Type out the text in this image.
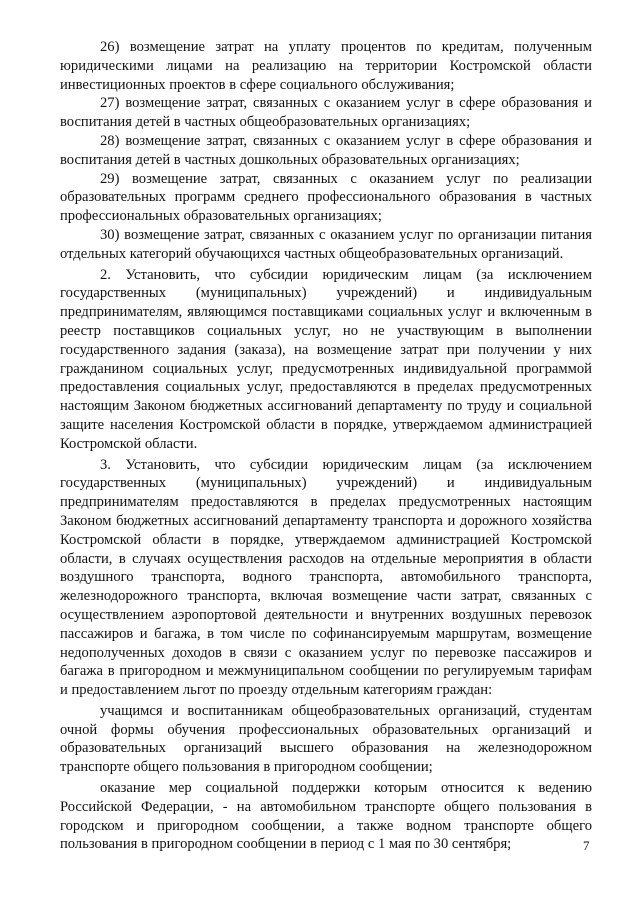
26) возмещение затрат на уплату процентов по кредитам, полученным юридическими лицами на реализацию на территории Костромской области инвестиционных проектов в сфере социального обслуживания;

27) возмещение затрат, связанных с оказанием услуг в сфере образования и воспитания детей в частных общеобразовательных организациях;

28) возмещение затрат, связанных с оказанием услуг в сфере образования и воспитания детей в частных дошкольных образовательных организациях;

29) возмещение затрат, связанных с оказанием услуг по реализации образовательных программ среднего профессионального образования в частных профессиональных образовательных организациях;

30) возмещение затрат, связанных с оказанием услуг по организации питания отдельных категорий обучающихся частных общеобразовательных организаций.

2. Установить, что субсидии юридическим лицам (за исключением государственных (муниципальных) учреждений) и индивидуальным предпринимателям, являющимся поставщиками социальных услуг и включенным в реестр поставщиков социальных услуг, но не участвующим в выполнении государственного задания (заказа), на возмещение затрат при получении у них гражданином социальных услуг, предусмотренных индивидуальной программой предоставления социальных услуг, предоставляются в пределах предусмотренных настоящим Законом бюджетных ассигнований департаменту по труду и социальной защите населения Костромской области в порядке, утверждаемом администрацией Костромской области.

3. Установить, что субсидии юридическим лицам (за исключением государственных (муниципальных) учреждений) и индивидуальным предпринимателям предоставляются в пределах предусмотренных настоящим Законом бюджетных ассигнований департаменту транспорта и дорожного хозяйства Костромской области в порядке, утверждаемом администрацией Костромской области, в случаях осуществления расходов на отдельные мероприятия в области воздушного транспорта, водного транспорта, автомобильного транспорта, железнодорожного транспорта, включая возмещение части затрат, связанных с осуществлением аэропортовой деятельности и внутренних воздушных перевозок пассажиров и багажа, в том числе по софинансируемым маршрутам, возмещение недополученных доходов в связи с оказанием услуг по перевозке пассажиров и багажа в пригородном и межмуниципальном сообщении по регулируемым тарифам и предоставлением льгот по проезду отдельным категориям граждан:

учащимся и воспитанникам общеобразовательных организаций, студентам очной формы обучения профессиональных образовательных организаций и образовательных организаций высшего образования на железнодорожном транспорте общего пользования в пригородном сообщении;

оказание мер социальной поддержки которым относится к ведению Российской Федерации, - на автомобильном транспорте общего пользования в городском и пригородном сообщении, а также водном транспорте общего пользования в пригородном сообщении в период с 1 мая по 30 сентября;	7
